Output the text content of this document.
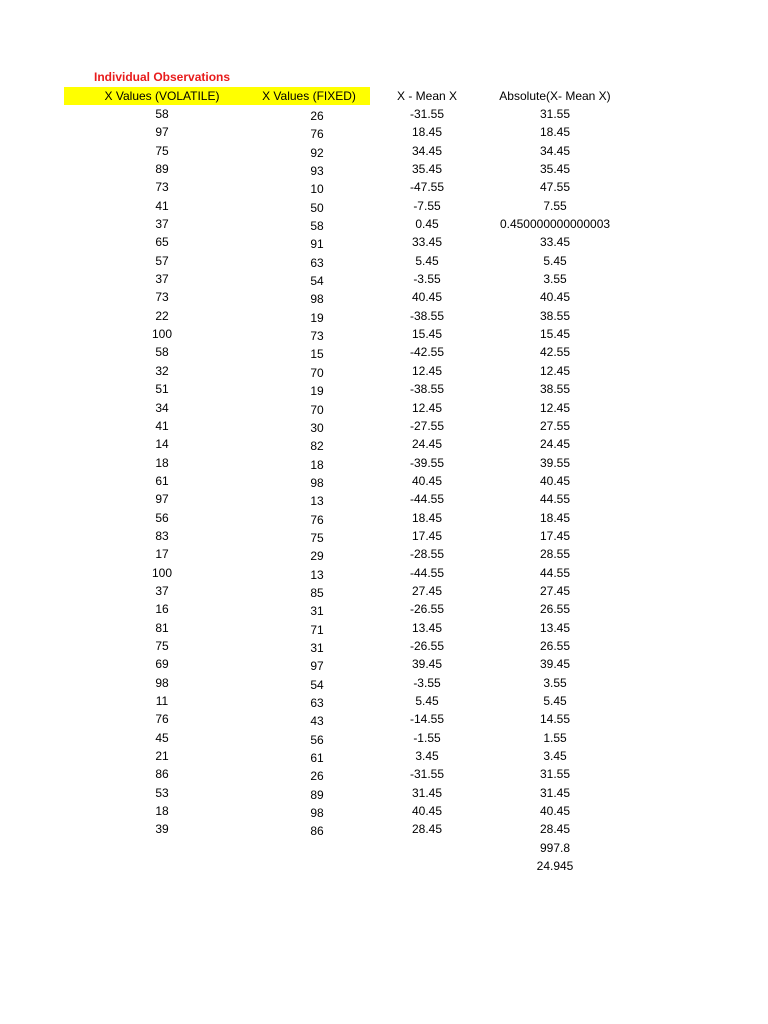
Individual Observations
X Values (VOLATILE)	X Values (FIXED)	X - Mean X	Absolute(X- Mean X)
58	26	-31.55	31.55
97	76	18.45	18.45
75	92	34.45	34.45
89	93	35.45	35.45
73	10	-47.55	47.55
41	50	-7.55	7.55
37	58	0.45	0.450000000000003
65	91	33.45	33.45
57	63	5.45	5.45
37	54	-3.55	3.55
73	98	40.45	40.45
22	19	-38.55	38.55
100	73	15.45	15.45
58	15	-42.55	42.55
32	70	12.45	12.45
51	19	-38.55	38.55
34	70	12.45	12.45
41	30	-27.55	27.55
14	82	24.45	24.45
18	18	-39.55	39.55
61	98	40.45	40.45
97	13	-44.55	44.55
56	76	18.45	18.45
83	75	17.45	17.45
17	29	-28.55	28.55
100	13	-44.55	44.55
37	85	27.45	27.45
16	31	-26.55	26.55
81	71	13.45	13.45
75	31	-26.55	26.55
69	97	39.45	39.45
98	54	-3.55	3.55
11	63	5.45	5.45
76	43	-14.55	14.55
45	56	-1.55	1.55
21	61	3.45	3.45
86	26	-31.55	31.55
53	89	31.45	31.45
18	98	40.45	40.45
39	86	28.45	28.45
997.8
24.945
